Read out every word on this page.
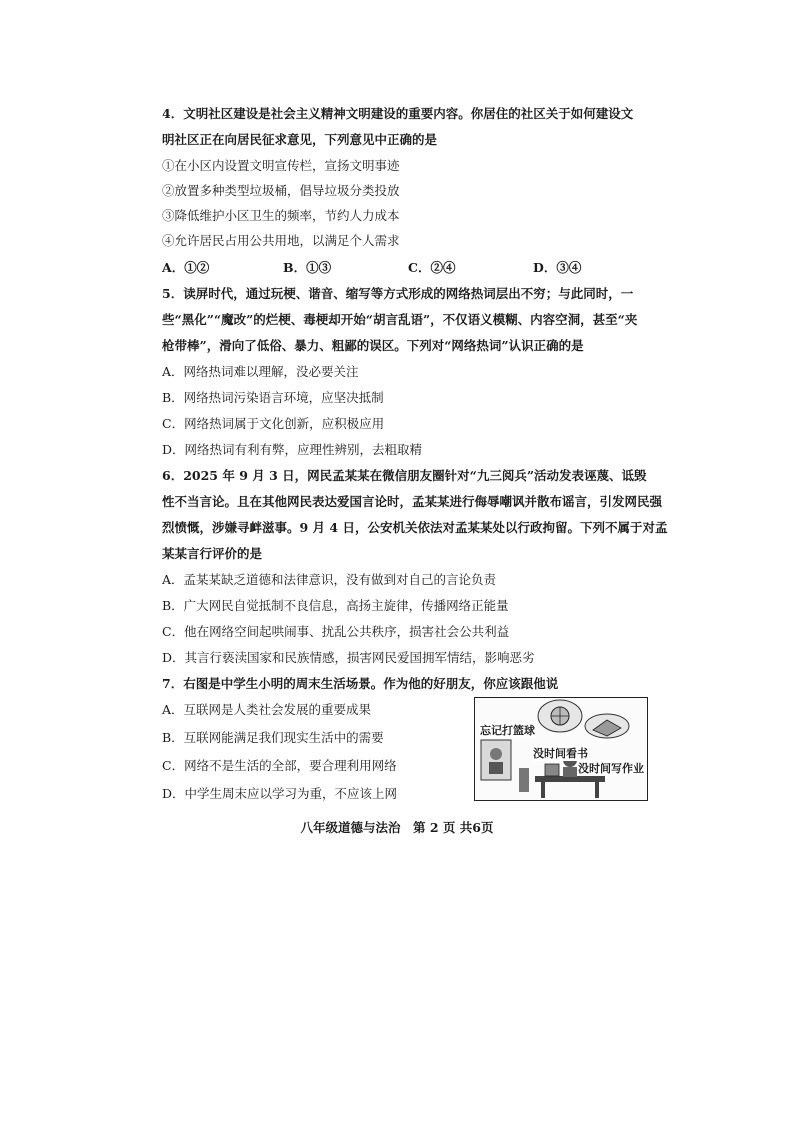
4．文明社区建设是社会主义精神文明建设的重要内容。你居住的社区关于如何建设文
明社区正在向居民征求意见，下列意见中正确的是
①在小区内设置文明宣传栏，宣扬文明事迹
②放置多种类型垃圾桶，倡导垃圾分类投放
③降低维护小区卫生的频率，节约人力成本
④允许居民占用公共用地，以满足个人需求
A．①②	B．①③	C．②④	D．③④
5．读屏时代，通过玩梗、谐音、缩写等方式形成的网络热词层出不穷；与此同时，一
些“黑化”“魔改”的烂梗、毒梗却开始“胡言乱语”，不仅语义模糊、内容空洞，甚至“夹
枪带棒”，滑向了低俗、暴力、粗鄙的误区。下列对“网络热词”认识正确的是
A．网络热词难以理解，没必要关注
B．网络热词污染语言环境，应坚决抵制
C．网络热词属于文化创新，应积极应用
D．网络热词有利有弊，应理性辨别，去粗取精
6．2025 年 9 月 3 日，网民孟某某在微信朋友圈针对“九三阅兵”活动发表诬蔑、诋毁
性不当言论。且在其他网民表达爱国言论时，孟某某进行侮辱嘲讽并散布谣言，引发网民强
烈愤慨，涉嫌寻衅滋事。9 月 4 日，公安机关依法对孟某某处以行政拘留。下列不属于对孟
某某言行评价的是
A．孟某某缺乏道德和法律意识，没有做到对自己的言论负责
B．广大网民自觉抵制不良信息，高扬主旋律，传播网络正能量
C．他在网络空间起哄闹事、扰乱公共秩序，损害社会公共利益
D．其言行亵渎国家和民族情感，损害网民爱国拥军情结，影响恶劣
7．右图是中学生小明的周末生活场景。作为他的好朋友，你应该跟他说
A．互联网是人类社会发展的重要成果
B．互联网能满足我们现实生活中的需要
C．网络不是生活的全部，要合理利用网络
D．中学生周末应以学习为重，不应该上网
忘记打篮球
没时间看书
没时间写作业
八年级道德与法治　第 2 页 共6页
